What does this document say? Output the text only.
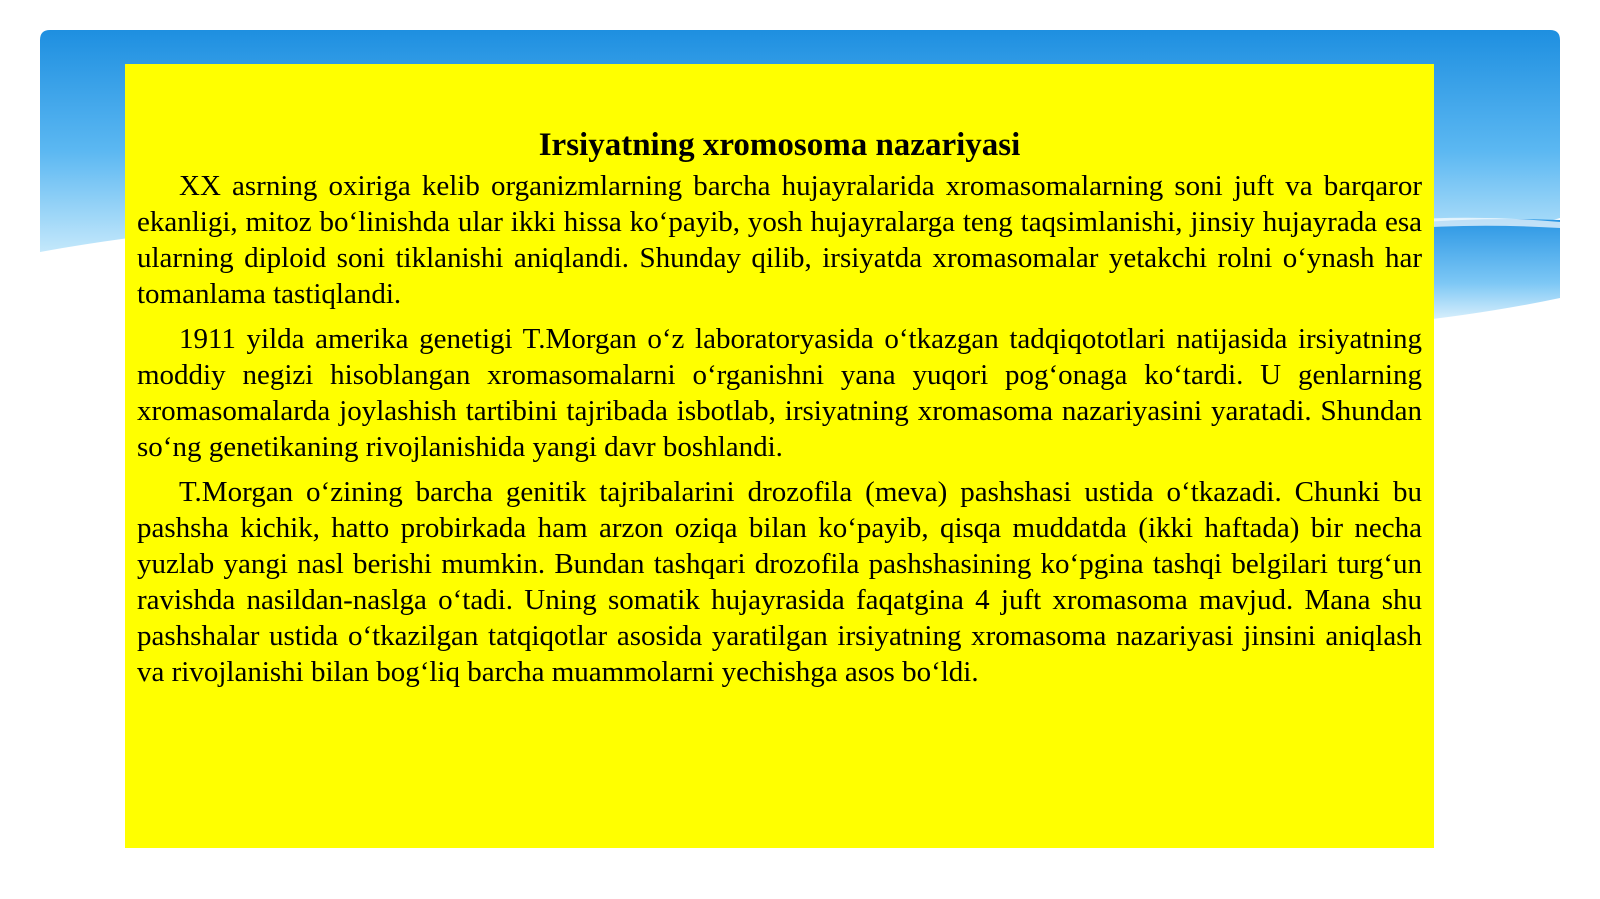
Irsiyatning xromosoma nazariyasi

XX asrning oxiriga kelib organizmlarning barcha hujayralarida xromasomalarning soni juft va barqaror ekanligi, mitoz bo‘linishda ular ikki hissa ko‘payib, yosh hujayralarga teng taqsimlanishi, jinsiy hujayrada esa ularning diploid soni tiklanishi aniqlandi. Shunday qilib, irsiyatda xromasomalar yetakchi rolni o‘ynash har tomanlama tastiqlandi.

1911 yilda amerika genetigi T.Morgan o‘z laboratoryasida o‘tkazgan tadqiqototlari natijasida irsiyatning moddiy negizi hisoblangan xromasomalarni o‘rganishni yana yuqori pog‘onaga ko‘tardi. U genlarning xromasomalarda joylashish tartibini tajribada isbotlab, irsiyatning xromasoma nazariyasini yaratadi. Shundan so‘ng genetikaning rivojlanishida yangi davr boshlandi.

T.Morgan o‘zining barcha genitik tajribalarini drozofila (meva) pashshasi ustida o‘tkazadi. Chunki bu pashsha kichik, hatto probirkada ham arzon oziqa bilan ko‘payib, qisqa muddatda (ikki haftada) bir necha yuzlab yangi nasl berishi mumkin. Bundan tashqari drozofila pashshasining ko‘pgina tashqi belgilari turg‘un ravishda nasildan-naslga o‘tadi. Uning somatik hujayrasida faqatgina 4 juft xromasoma mavjud. Mana shu pashshalar ustida o‘tkazilgan tatqiqotlar asosida yaratilgan irsiyatning xromasoma nazariyasi jinsini aniqlash va rivojlanishi bilan bog‘liq barcha muammolarni yechishga asos bo‘ldi.
